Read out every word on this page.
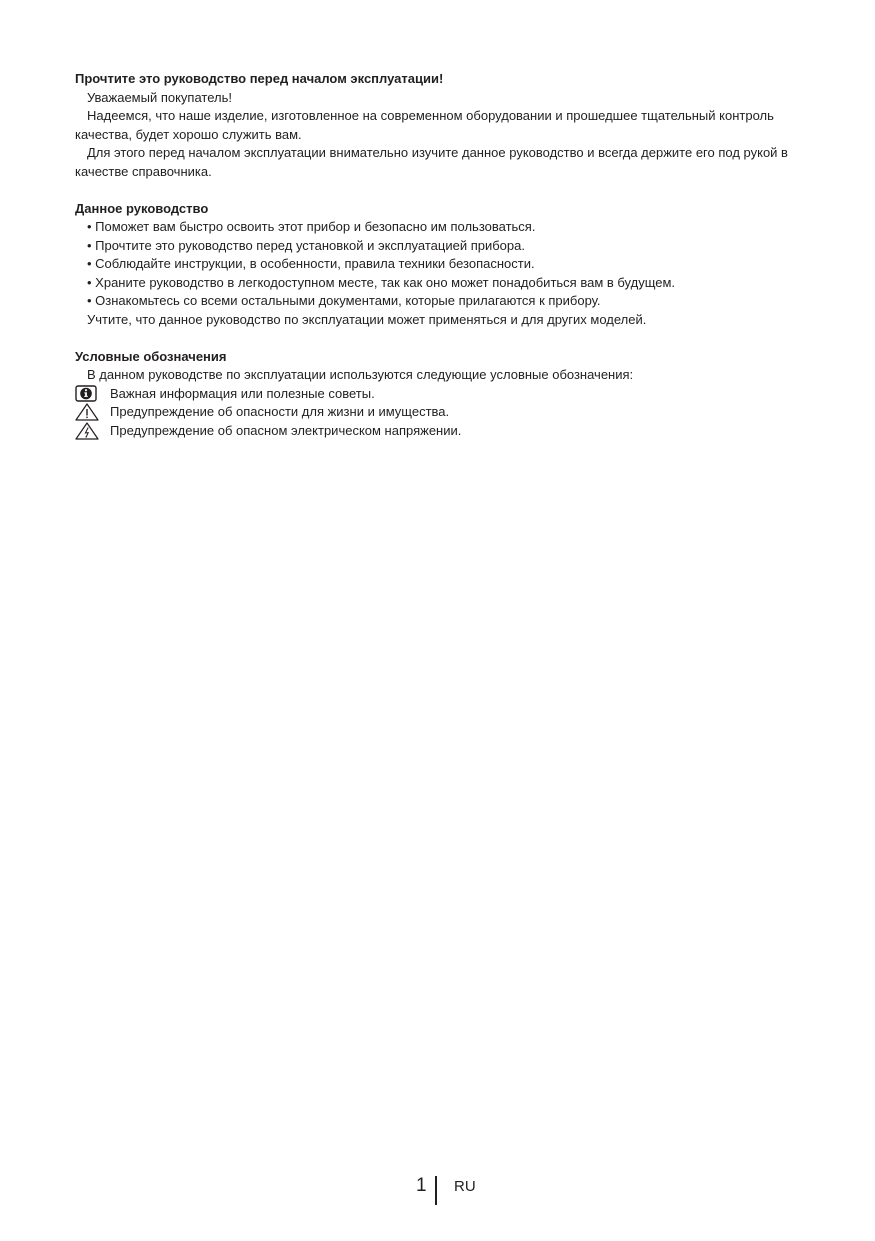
Прочтите это руководство перед началом эксплуатации!

Уважаемый покупатель!

Надеемся, что наше изделие, изготовленное на современном оборудовании и прошедшее тщательный контроль качества, будет хорошо служить вам.

Для этого перед началом эксплуатации внимательно изучите данное руководство и всегда держите его под рукой в качестве справочника.

Данное руководство

• Поможет вам быстро освоить этот прибор и безопасно им пользоваться.

• Прочтите это руководство перед установкой и эксплуатацией прибора.

• Соблюдайте инструкции, в особенности, правила техники безопасности.

• Храните руководство в легкодоступном месте, так как оно может понадобиться вам в будущем.

• Ознакомьтесь со всеми остальными документами, которые прилагаются к прибору.

Учтите, что данное руководство по эксплуатации может применяться и для других моделей.

Условные обозначения

В данном руководстве по эксплуатации используются следующие условные обозначения:

Важная информация или полезные советы.
Предупреждение об опасности для жизни и имущества.
Предупреждение об опасном электрическом напряжении.
1 RU
